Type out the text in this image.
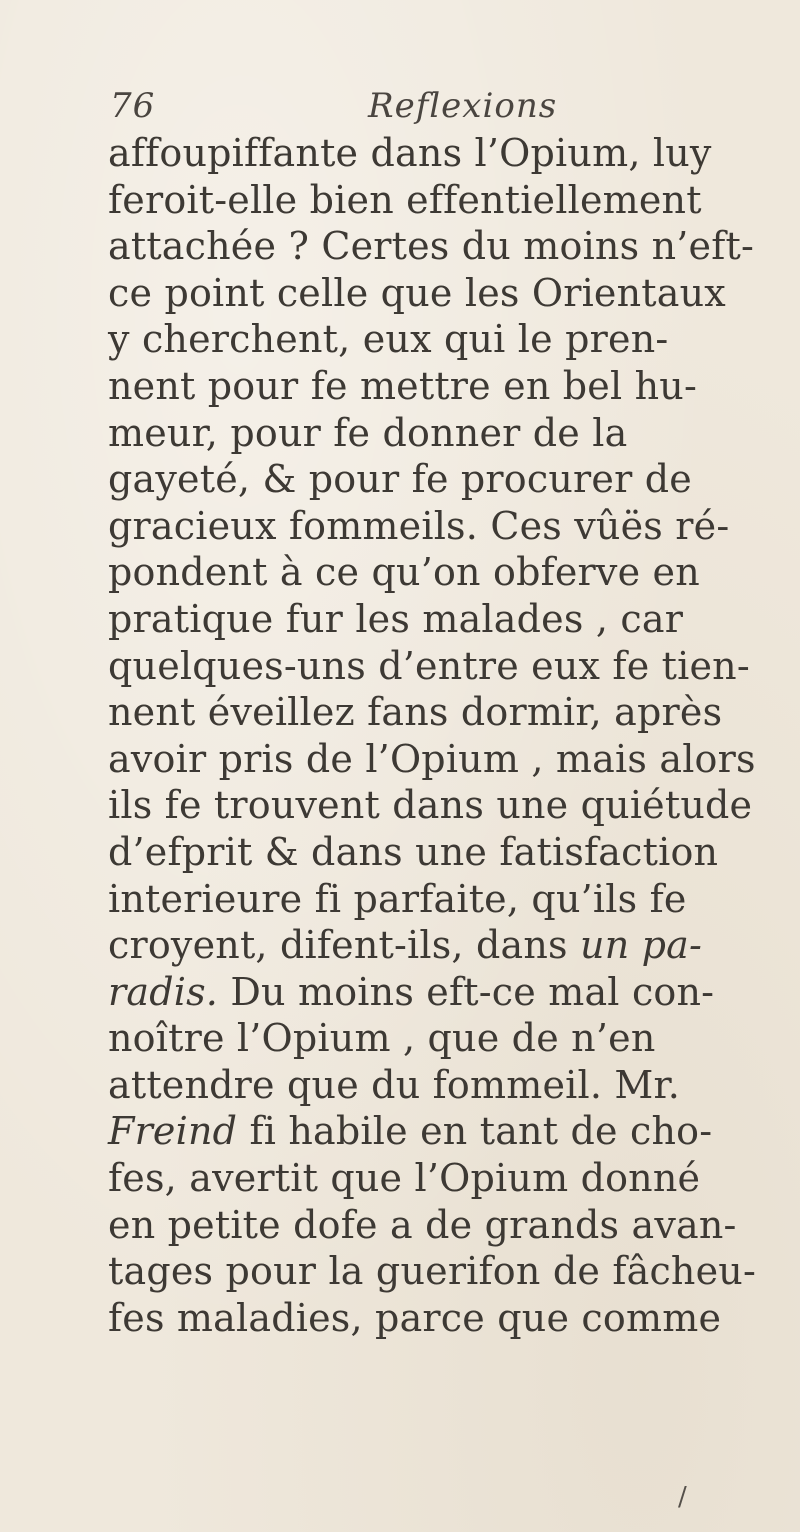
76	Reflexions
affoupiffante dans l’Opium, luy
feroit-elle bien effentiellement
attachée ? Certes du moins n’eft-
ce point celle que les Orientaux
y cherchent, eux qui le pren-
nent pour fe mettre en bel hu-
meur, pour fe donner de la
gayeté, & pour fe procurer de
gracieux fommeils. Ces vûës ré-
pondent à ce qu’on obferve en
pratique fur les malades , car
quelques-uns d’entre eux fe tien-
nent éveillez fans dormir, après
avoir pris de l’Opium , mais alors
ils fe trouvent dans une quiétude
d’efprit & dans une fatisfaction
interieure fi parfaite, qu’ils fe
croyent, difent-ils, dans un pa-
radis. Du moins eft-ce mal con-
noître l’Opium , que de n’en
attendre que du fommeil. Mr.
Freind fi habile en tant de cho-
fes, avertit que l’Opium donné
en petite dofe a de grands avan-
tages pour la guerifon de fâcheu-
fes maladies, parce que comme
/
